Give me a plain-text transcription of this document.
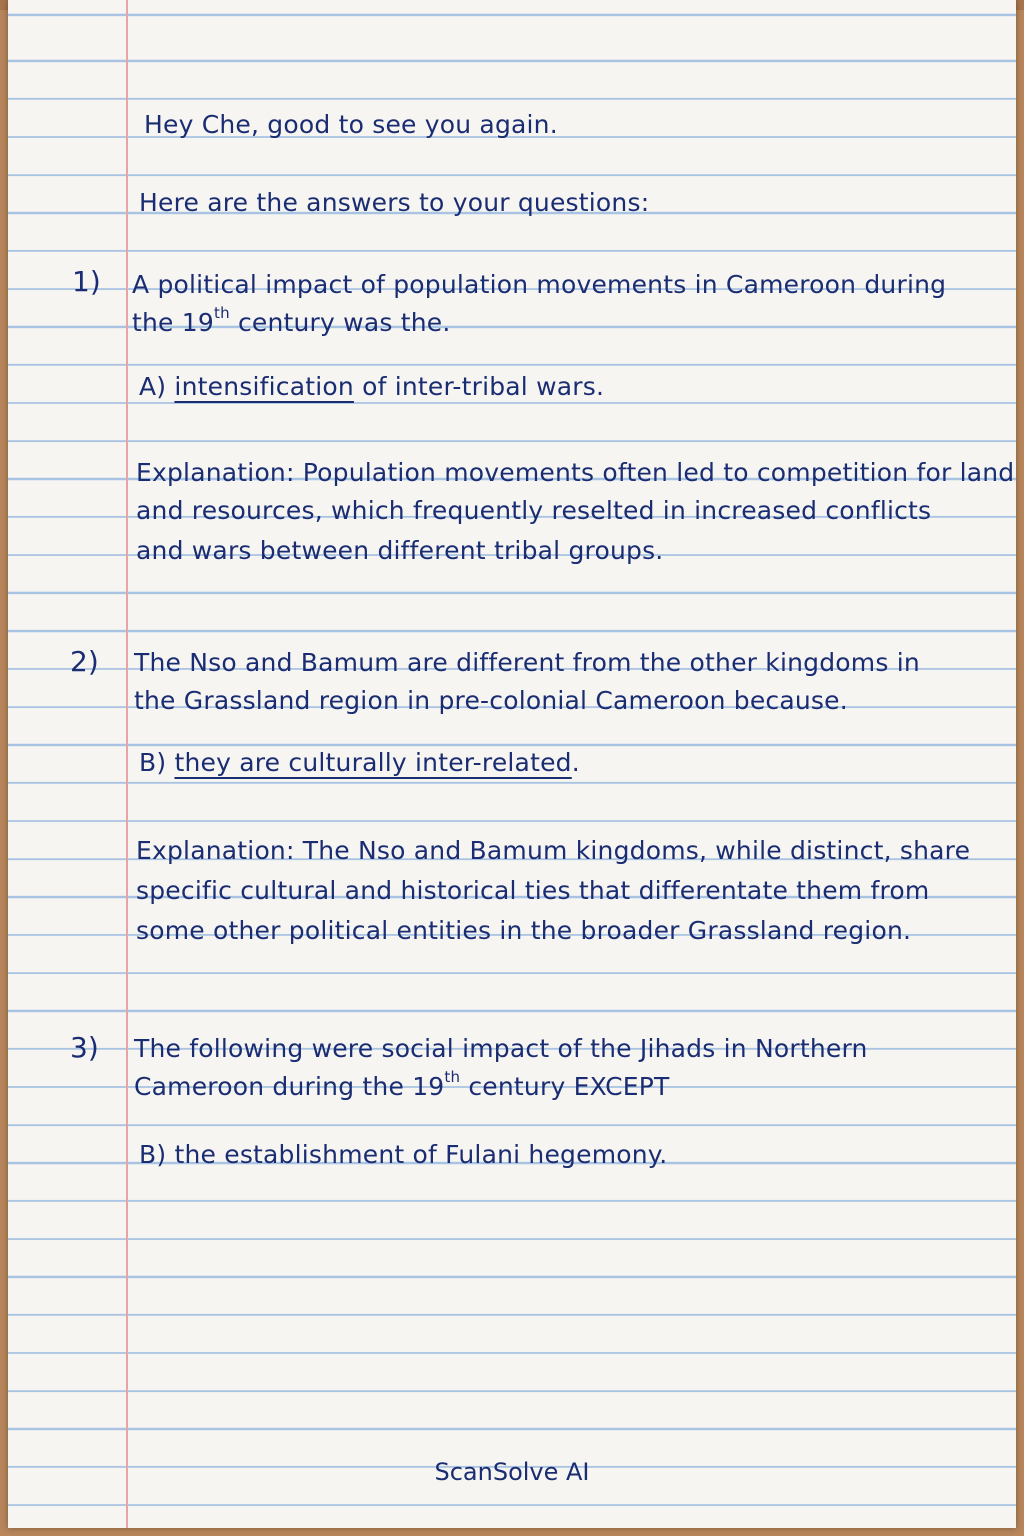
Hey Che, good to see you again.
Here are the answers to your questions:
1) A political impact of population movements in Cameroon during
the 19th century was the.
A) intensification of inter-tribal wars.
Explanation: Population movements often led to competition for land
and resources, which frequently reselted in increased conflicts
and wars between different tribal groups.
2) The Nso and Bamum are different from the other kingdoms in
the Grassland region in pre-colonial Cameroon because.
B) they are culturally inter-related.
Explanation: The Nso and Bamum kingdoms, while distinct, share
specific cultural and historical ties that differentate them from
some other political entities in the broader Grassland region.
3) The following were social impact of the Jihads in Northern
Cameroon during the 19th century EXCEPT
B) the establishment of Fulani hegemony.
ScanSolve AI
